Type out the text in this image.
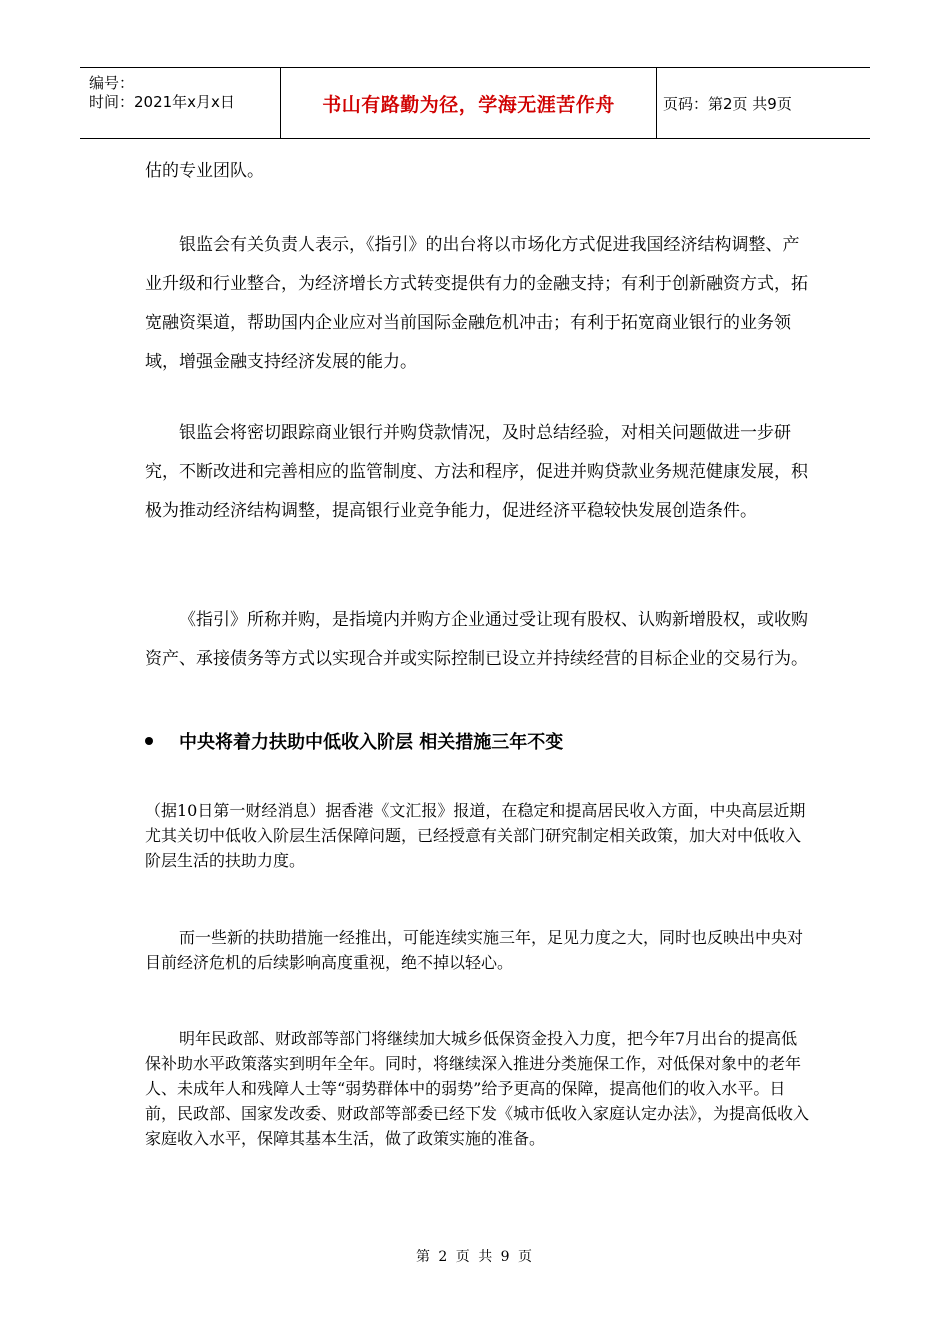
编号：
时间：2021年x月x日	书山有路勤为径，学海无涯苦作舟	页码：第2页 共9页

估的专业团队。

银监会有关负责人表示，《指引》的出台将以市场化方式促进我国经济结构调整、产业升级和行业整合，为经济增长方式转变提供有力的金融支持；有利于创新融资方式，拓宽融资渠道，帮助国内企业应对当前国际金融危机冲击；有利于拓宽商业银行的业务领域，增强金融支持经济发展的能力。

银监会将密切跟踪商业银行并购贷款情况，及时总结经验，对相关问题做进一步研究，不断改进和完善相应的监管制度、方法和程序，促进并购贷款业务规范健康发展，积极为推动经济结构调整，提高银行业竞争能力，促进经济平稳较快发展创造条件。

《指引》所称并购，是指境内并购方企业通过受让现有股权、认购新增股权，或收购资产、承接债务等方式以实现合并或实际控制已设立并持续经营的目标企业的交易行为。

中央将着力扶助中低收入阶层 相关措施三年不变

（据10日第一财经消息）据香港《文汇报》报道，在稳定和提高居民收入方面，中央高层近期尤其关切中低收入阶层生活保障问题，已经授意有关部门研究制定相关政策，加大对中低收入阶层生活的扶助力度。

而一些新的扶助措施一经推出，可能连续实施三年，足见力度之大，同时也反映出中央对目前经济危机的后续影响高度重视，绝不掉以轻心。

明年民政部、财政部等部门将继续加大城乡低保资金投入力度，把今年7月出台的提高低保补助水平政策落实到明年全年。同时，将继续深入推进分类施保工作，对低保对象中的老年人、未成年人和残障人士等“弱势群体中的弱势”给予更高的保障，提高他们的收入水平。日前，民政部、国家发改委、财政部等部委已经下发《城市低收入家庭认定办法》，为提高低收入家庭收入水平，保障其基本生活，做了政策实施的准备。

第 2 页 共 9 页
